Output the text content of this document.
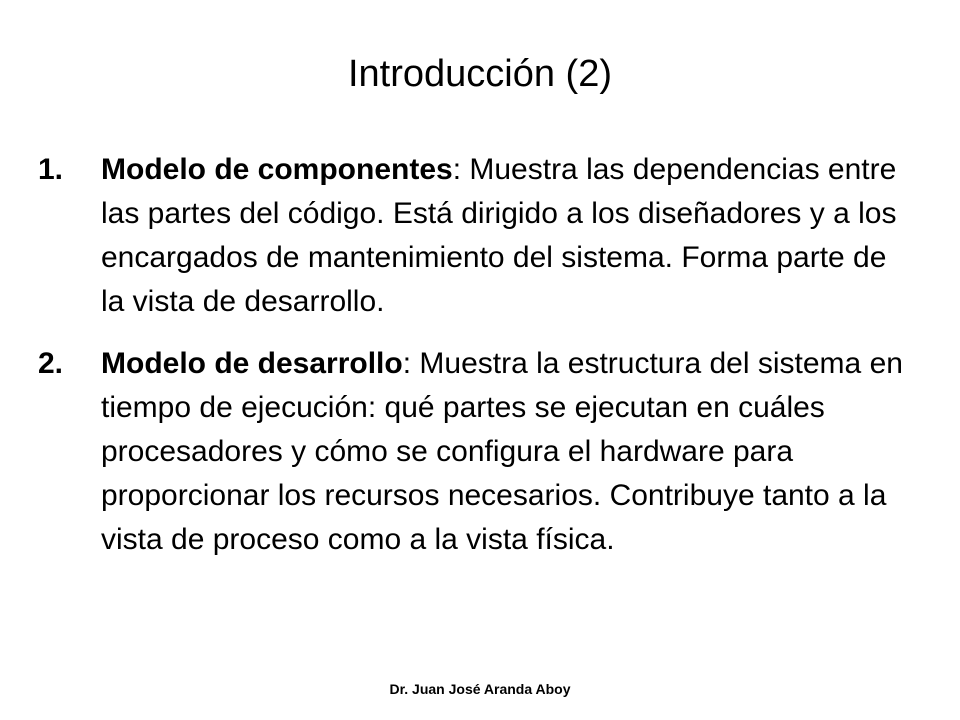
Introducción (2)
1.	Modelo de componentes: Muestra las dependencias entre las partes del código. Está dirigido a los diseñadores y a los encargados de mantenimiento del sistema. Forma parte de la vista de desarrollo.
2.	Modelo de desarrollo: Muestra la estructura del sistema en tiempo de ejecución: qué partes se ejecutan en cuáles procesadores y cómo se configura el hardware para proporcionar los recursos necesarios. Contribuye tanto a la vista de proceso como a la vista física.
Dr. Juan José Aranda Aboy
